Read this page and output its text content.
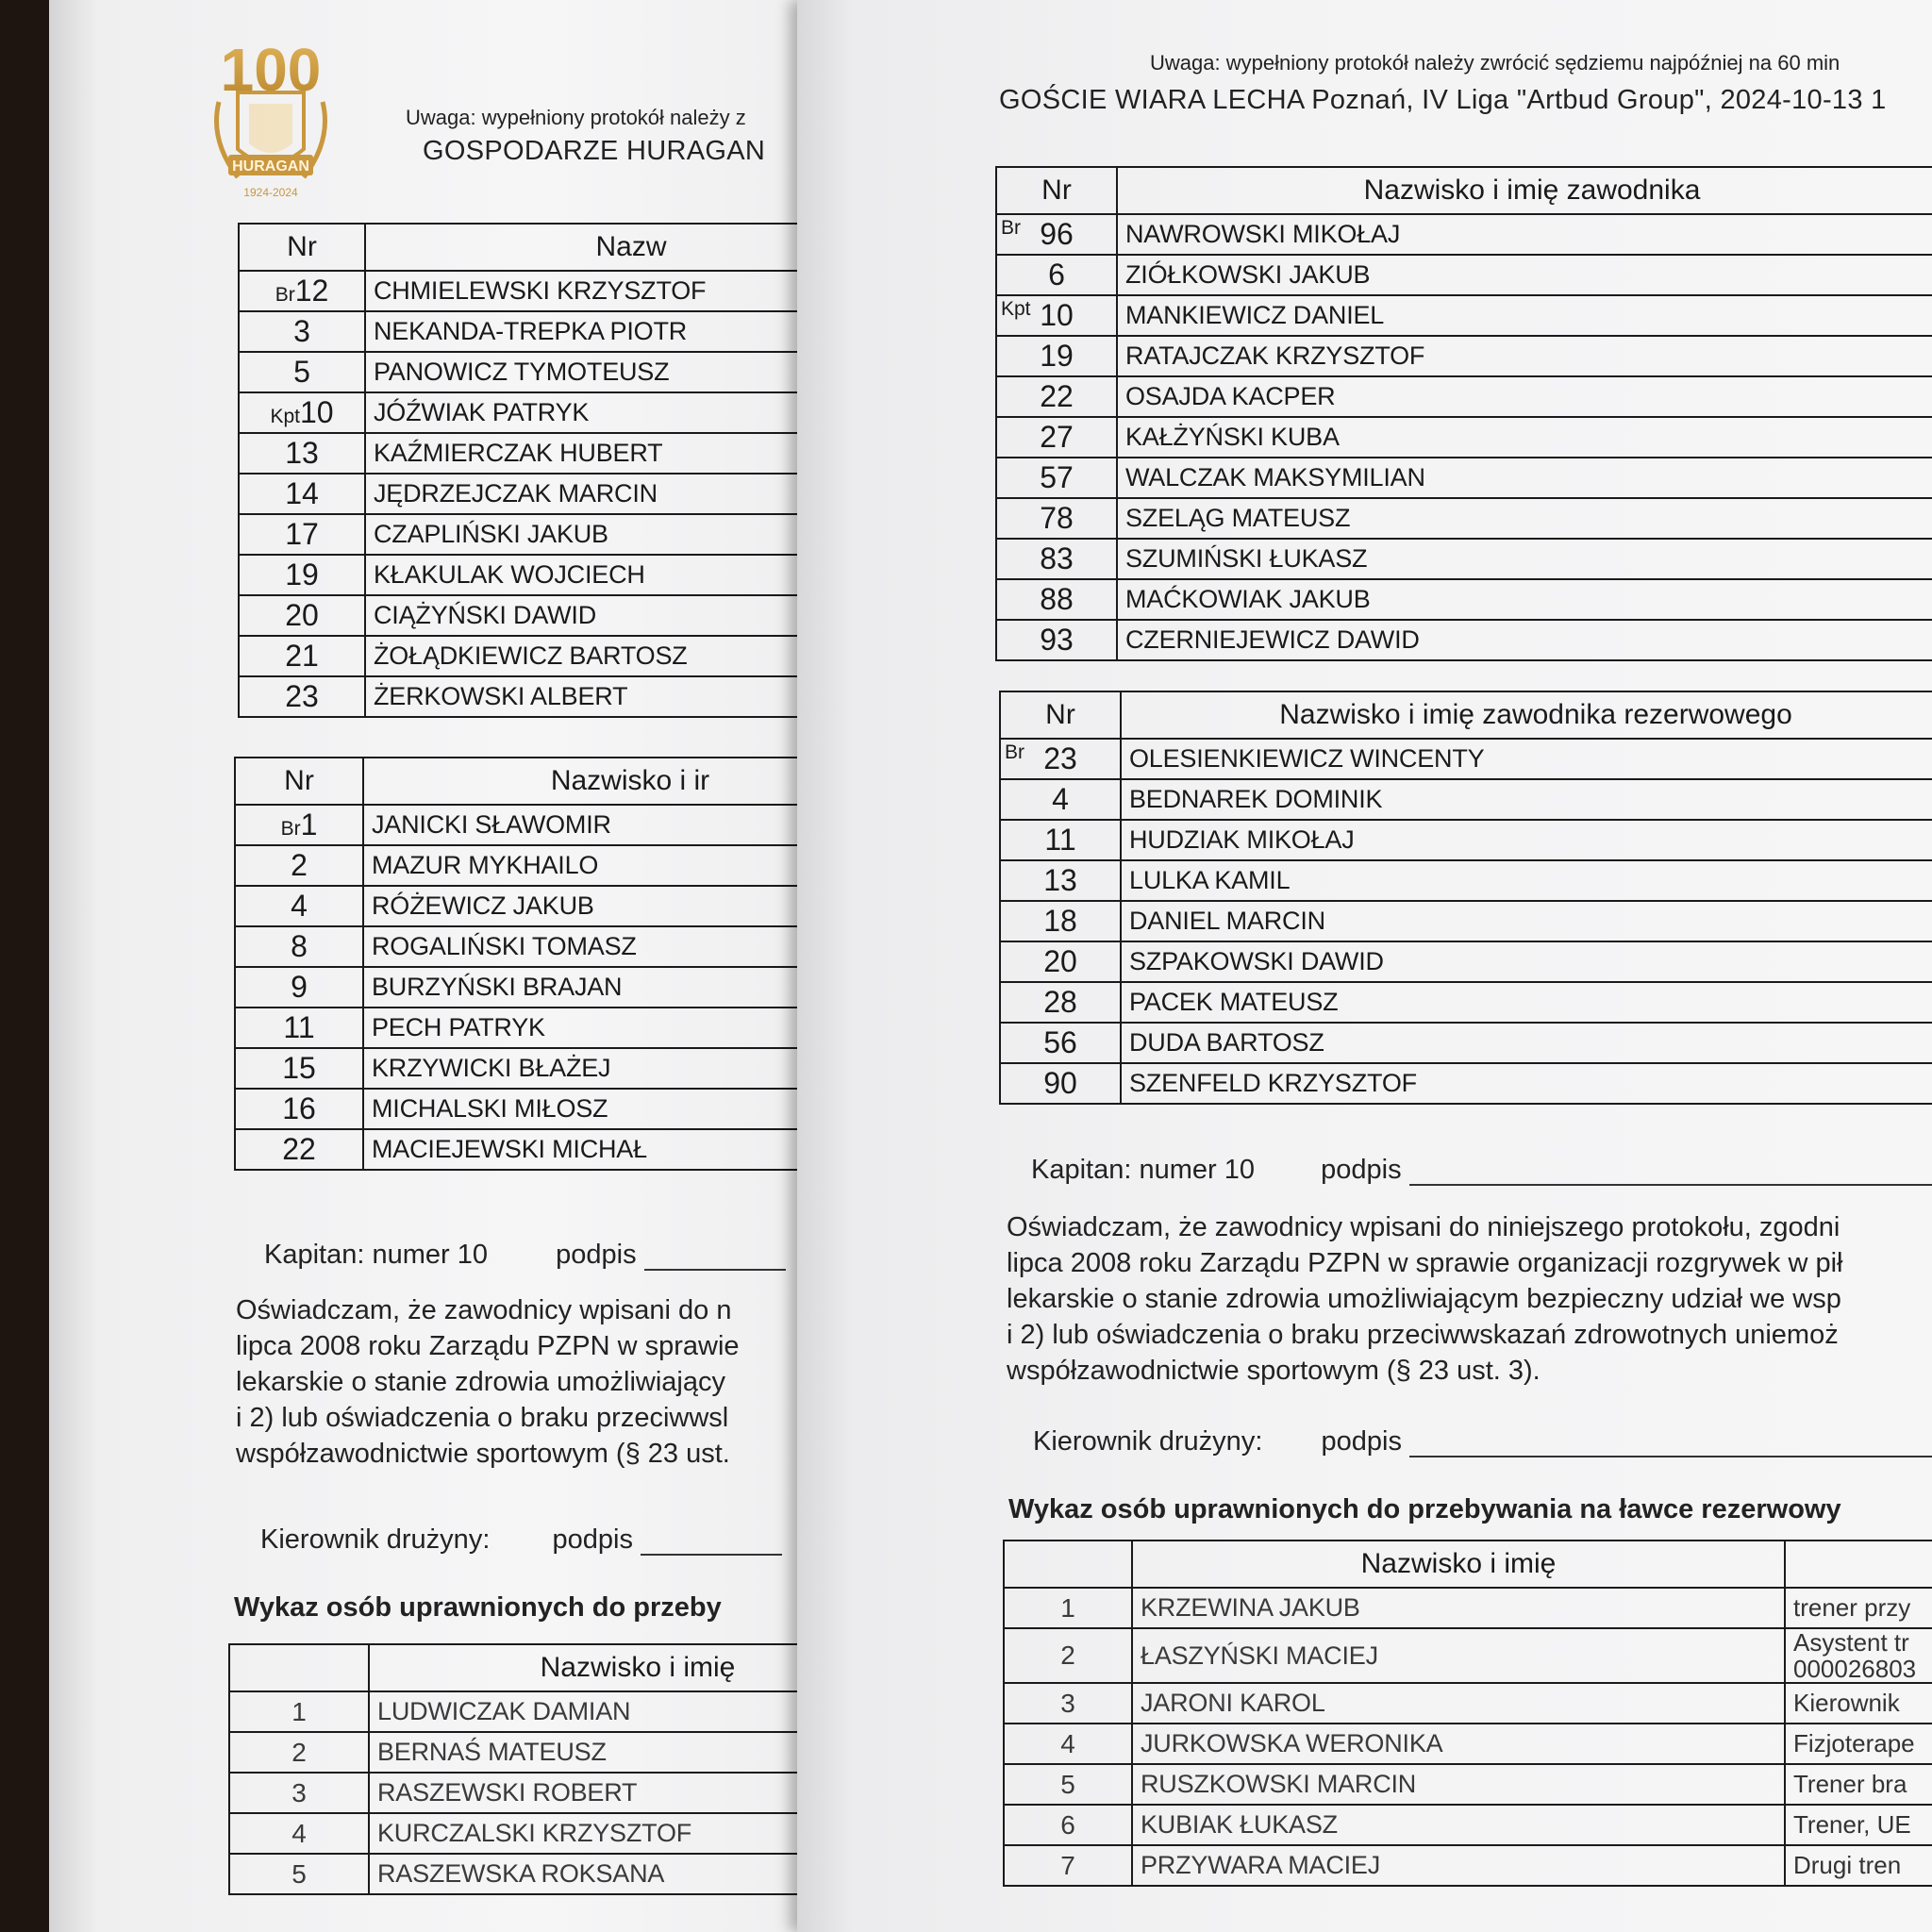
100
HURAGAN
1924-2024
Uwaga: wypełniony protokół należy z
GOSPODARZE HURAGAN
Nr	Nazw
Br12	CHMIELEWSKI KRZYSZTOF
3	NEKANDA-TREPKA PIOTR
5	PANOWICZ TYMOTEUSZ
Kpt10	JÓŹWIAK PATRYK
13	KAŹMIERCZAK HUBERT
14	JĘDRZEJCZAK MARCIN
17	CZAPLIŃSKI JAKUB
19	KŁAKULAK WOJCIECH
20	CIĄŻYŃSKI DAWID
21	ŻOŁĄDKIEWICZ BARTOSZ
23	ŻERKOWSKI ALBERT
Nr	Nazwisko i ir
Br1	JANICKI SŁAWOMIR
2	MAZUR MYKHAILO
4	RÓŻEWICZ JAKUB
8	ROGALIŃSKI TOMASZ
9	BURZYŃSKI BRAJAN
11	PECH PATRYK
15	KRZYWICKI BŁAŻEJ
16	MICHALSKI MIŁOSZ
22	MACIEJEWSKI MICHAŁ
Kapitan: numer 10 podpis
Oświadczam, że zawodnicy wpisani do n
lipca 2008 roku Zarządu PZPN w sprawie
lekarskie o stanie zdrowia umożliwiający
i 2) lub oświadczenia o braku przeciwwsl
współzawodnictwie sportowym (§ 23 ust.
Kierownik drużyny: podpis
Wykaz osób uprawnionych do przeby
	Nazwisko i imię
1	LUDWICZAK DAMIAN
2	BERNAŚ MATEUSZ
3	RASZEWSKI ROBERT
4	KURCZALSKI KRZYSZTOF
5	RASZEWSKA ROKSANA
Uwaga: wypełniony protokół należy zwrócić sędziemu najpóźniej na 60 min
GOŚCIE WIARA LECHA Poznań, IV Liga "Artbud Group", 2024-10-13 1
Nr	Nazwisko i imię zawodnika

Br 96	NAWROWSKI MIKOŁAJ
6	ZIÓŁKOWSKI JAKUB

Kpt 10	MANKIEWICZ DANIEL
19	RATAJCZAK KRZYSZTOF
22	OSAJDA KACPER
27	KAŁŻYŃSKI KUBA
57	WALCZAK MAKSYMILIAN
78	SZELĄG MATEUSZ
83	SZUMIŃSKI ŁUKASZ
88	MAĆKOWIAK JAKUB
93	CZERNIEJEWICZ DAWID
Nr	Nazwisko i imię zawodnika rezerwowego

Br 23	OLESIENKIEWICZ WINCENTY
4	BEDNAREK DOMINIK
11	HUDZIAK MIKOŁAJ
13	LULKA KAMIL
18	DANIEL MARCIN
20	SZPAKOWSKI DAWID
28	PACEK MATEUSZ
56	DUDA BARTOSZ
90	SZENFELD KRZYSZTOF
Kapitan: numer 10 podpis
Oświadczam, że zawodnicy wpisani do niniejszego protokołu, zgodni
lipca 2008 roku Zarządu PZPN w sprawie organizacji rozgrywek w pił
lekarskie o stanie zdrowia umożliwiającym bezpieczny udział we wsp
i 2) lub oświadczenia o braku przeciwwskazań zdrowotnych uniemoż
współzawodnictwie sportowym (§ 23 ust. 3).
Kierownik drużyny: podpis
Wykaz osób uprawnionych do przebywania na ławce rezerwowy
	Nazwisko i imię	
1	KRZEWINA JAKUB	trener przy

2	ŁASZYŃSKI MACIEJ	Asystent tr
000026803

3	JARONI KAROL	Kierownik

4	JURKOWSKA WERONIKA	Fizjoterape

5	RUSZKOWSKI MARCIN	Trener bra

6	KUBIAK ŁUKASZ	Trener, UE

7	PRZYWARA MACIEJ	Drugi tren
